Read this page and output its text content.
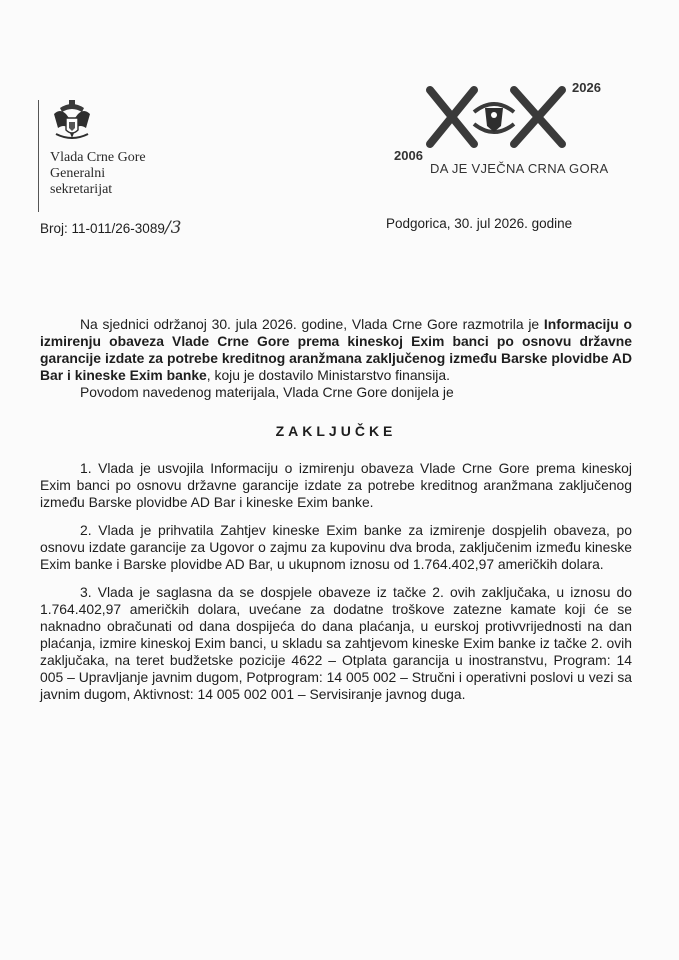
Vlada Crne Gore
Generalni
sekretarijat
2026
2006
DA JE VJEČNA CRNA GORA
Broj: 11-011/26-3089/3	Podgorica, 30. jul 2026. godine

Na sjednici održanoj 30. jula 2026. godine, Vlada Crne Gore razmotrila je Informaciju o izmirenju obaveza Vlade Crne Gore prema kineskoj Exim banci po osnovu državne garancije izdate za potrebe kreditnog aranžmana zaključenog između Barske plovidbe AD Bar i kineske Exim banke, koju je dostavilo Ministarstvo finansija.

Povodom navedenog materijala, Vlada Crne Gore donijela je

ZAKLJUČKE

1. Vlada je usvojila Informaciju o izmirenju obaveza Vlade Crne Gore prema kineskoj Exim banci po osnovu državne garancije izdate za potrebe kreditnog aranžmana zaključenog između Barske plovidbe AD Bar i kineske Exim banke.

2. Vlada je prihvatila Zahtjev kineske Exim banke za izmirenje dospjelih obaveza, po osnovu izdate garancije za Ugovor o zajmu za kupovinu dva broda, zaključenim između kineske Exim banke i Barske plovidbe AD Bar, u ukupnom iznosu od 1.764.402,97 američkih dolara.

3. Vlada je saglasna da se dospjele obaveze iz tačke 2. ovih zaključaka, u iznosu do 1.764.402,97 američkih dolara, uvećane za dodatne troškove zatezne kamate koji će se naknadno obračunati od dana dospijeća do dana plaćanja, u eurskoj protivvrijednosti na dan plaćanja, izmire kineskoj Exim banci, u skladu sa zahtjevom kineske Exim banke iz tačke 2. ovih zaključaka, na teret budžetske pozicije 4622 – Otplata garancija u inostranstvu, Program: 14 005 – Upravljanje javnim dugom, Potprogram: 14 005 002 – Stručni i operativni poslovi u vezi sa javnim dugom, Aktivnost: 14 005 002 001 – Servisiranje javnog duga.
